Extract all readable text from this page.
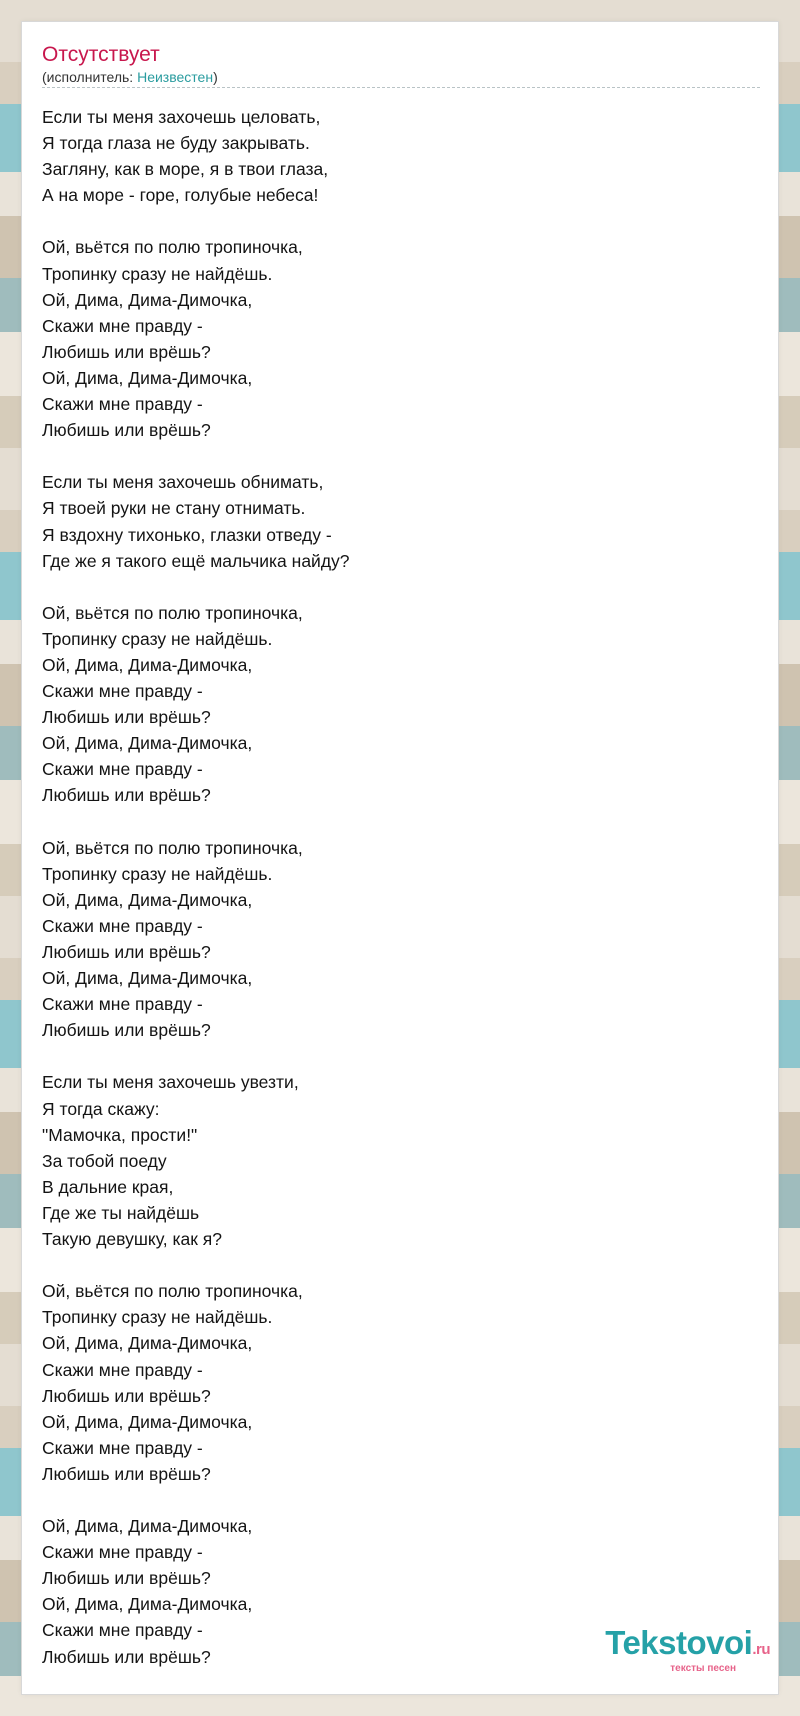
Отсутствует
(исполнитель: Неизвестен)
Если ты меня захочешь целовать,
Я тогда глаза не буду закрывать.
Загляну, как в море, я в твои глаза,
А на море - горе, голубые небеса!

Ой, вьётся по полю тропиночка,
Тропинку сразу не найдёшь.
Ой, Дима, Дима-Димочка,
Скажи мне правду -
Любишь или врёшь?
Ой, Дима, Дима-Димочка,
Скажи мне правду -
Любишь или врёшь?

Если ты меня захочешь обнимать,
Я твоей руки не стану отнимать.
Я вздохну тихонько, глазки отведу -
Где же я такого ещё мальчика найду?

Ой, вьётся по полю тропиночка,
Тропинку сразу не найдёшь.
Ой, Дима, Дима-Димочка,
Скажи мне правду -
Любишь или врёшь?
Ой, Дима, Дима-Димочка,
Скажи мне правду -
Любишь или врёшь?

Ой, вьётся по полю тропиночка,
Тропинку сразу не найдёшь.
Ой, Дима, Дима-Димочка,
Скажи мне правду -
Любишь или врёшь?
Ой, Дима, Дима-Димочка,
Скажи мне правду -
Любишь или врёшь?

Если ты меня захочешь увезти,
Я тогда скажу:
"Мамочка, прости!"
За тобой поеду
В дальние края,
Где же ты найдёшь
Такую девушку, как я?

Ой, вьётся по полю тропиночка,
Тропинку сразу не найдёшь.
Ой, Дима, Дима-Димочка,
Скажи мне правду -
Любишь или врёшь?
Ой, Дима, Дима-Димочка,
Скажи мне правду -
Любишь или врёшь?

Ой, Дима, Дима-Димочка,
Скажи мне правду -
Любишь или врёшь?
Ой, Дима, Дима-Димочка,
Скажи мне правду -
Любишь или врёшь?	Tekstovoi.ru
тексты песен
